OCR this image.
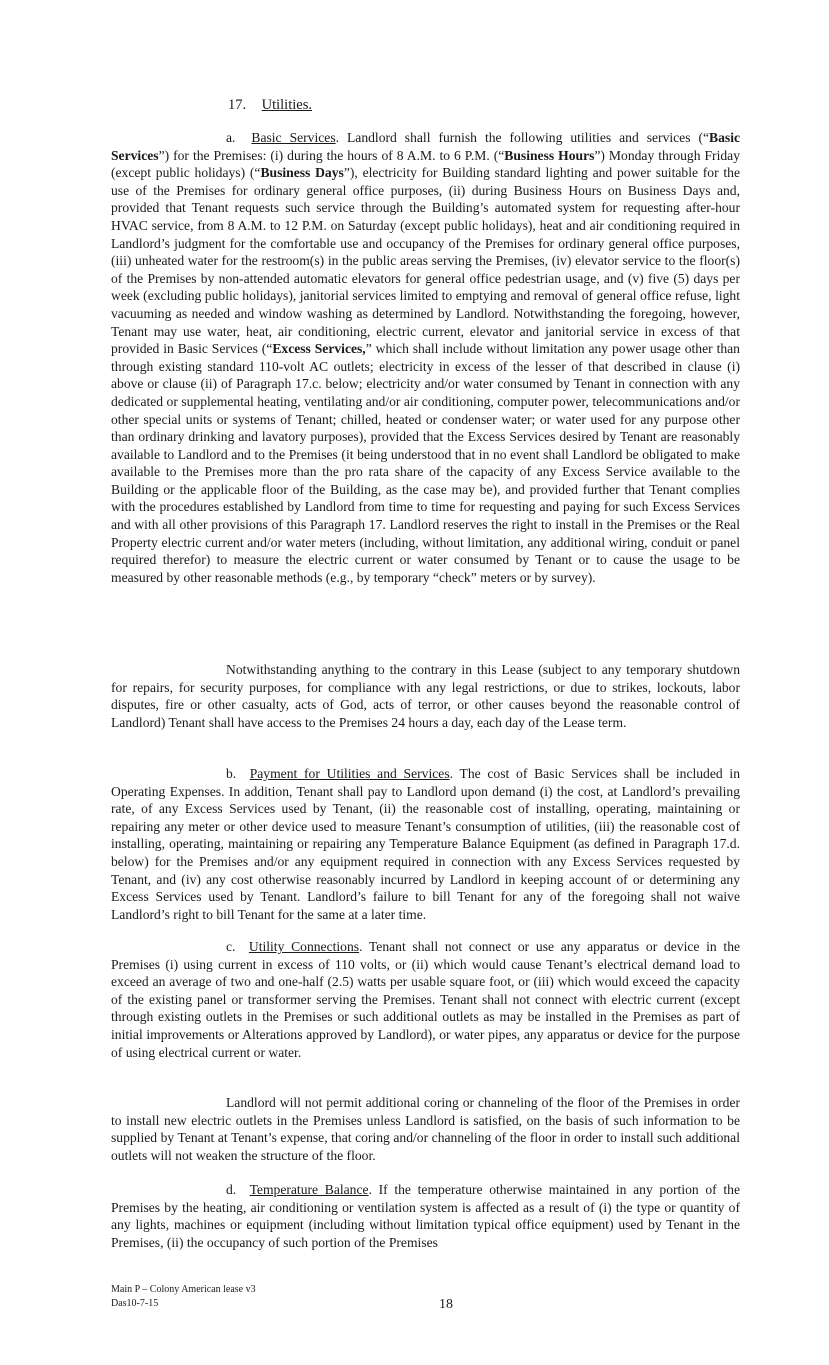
17. Utilities.

a. Basic Services. Landlord shall furnish the following utilities and services (“Basic Services”) for the Premises: (i) during the hours of 8 A.M. to 6 P.M. (“Business Hours”) Monday through Friday (except public holidays) (“Business Days”), electricity for Building standard lighting and power suitable for the use of the Premises for ordinary general office purposes, (ii) during Business Hours on Business Days and, provided that Tenant requests such service through the Building’s automated system for requesting after-hour HVAC service, from 8 A.M. to 12 P.M. on Saturday (except public holidays), heat and air conditioning required in Landlord’s judgment for the comfortable use and occupancy of the Premises for ordinary general office purposes, (iii) unheated water for the restroom(s) in the public areas serving the Premises, (iv) elevator service to the floor(s) of the Premises by non-attended automatic elevators for general office pedestrian usage, and (v) five (5) days per week (excluding public holidays), janitorial services limited to emptying and removal of general office refuse, light vacuuming as needed and window washing as determined by Landlord. Notwithstanding the foregoing, however, Tenant may use water, heat, air conditioning, electric current, elevator and janitorial service in excess of that provided in Basic Services (“Excess Services,” which shall include without limitation any power usage other than through existing standard 110-volt AC outlets; electricity in excess of the lesser of that described in clause (i) above or clause (ii) of Paragraph 17.c. below; electricity and/or water consumed by Tenant in connection with any dedicated or supplemental heating, ventilating and/or air conditioning, computer power, telecommunications and/or other special units or systems of Tenant; chilled, heated or condenser water; or water used for any purpose other than ordinary drinking and lavatory purposes), provided that the Excess Services desired by Tenant are reasonably available to Landlord and to the Premises (it being understood that in no event shall Landlord be obligated to make available to the Premises more than the pro rata share of the capacity of any Excess Service available to the Building or the applicable floor of the Building, as the case may be), and provided further that Tenant complies with the procedures established by Landlord from time to time for requesting and paying for such Excess Services and with all other provisions of this Paragraph 17. Landlord reserves the right to install in the Premises or the Real Property electric current and/or water meters (including, without limitation, any additional wiring, conduit or panel required therefor) to measure the electric current or water consumed by Tenant or to cause the usage to be measured by other reasonable methods (e.g., by temporary “check” meters or by survey).

Notwithstanding anything to the contrary in this Lease (subject to any temporary shutdown for repairs, for security purposes, for compliance with any legal restrictions, or due to strikes, lockouts, labor disputes, fire or other casualty, acts of God, acts of terror, or other causes beyond the reasonable control of Landlord) Tenant shall have access to the Premises 24 hours a day, each day of the Lease term.

b. Payment for Utilities and Services. The cost of Basic Services shall be included in Operating Expenses. In addition, Tenant shall pay to Landlord upon demand (i) the cost, at Landlord’s prevailing rate, of any Excess Services used by Tenant, (ii) the reasonable cost of installing, operating, maintaining or repairing any meter or other device used to measure Tenant’s consumption of utilities, (iii) the reasonable cost of installing, operating, maintaining or repairing any Temperature Balance Equipment (as defined in Paragraph 17.d. below) for the Premises and/or any equipment required in connection with any Excess Services requested by Tenant, and (iv) any cost otherwise reasonably incurred by Landlord in keeping account of or determining any Excess Services used by Tenant. Landlord’s failure to bill Tenant for any of the foregoing shall not waive Landlord’s right to bill Tenant for the same at a later time.

c. Utility Connections. Tenant shall not connect or use any apparatus or device in the Premises (i) using current in excess of 110 volts, or (ii) which would cause Tenant’s electrical demand load to exceed an average of two and one-half (2.5) watts per usable square foot, or (iii) which would exceed the capacity of the existing panel or transformer serving the Premises. Tenant shall not connect with electric current (except through existing outlets in the Premises or such additional outlets as may be installed in the Premises as part of initial improvements or Alterations approved by Landlord), or water pipes, any apparatus or device for the purpose of using electrical current or water.

Landlord will not permit additional coring or channeling of the floor of the Premises in order to install new electric outlets in the Premises unless Landlord is satisfied, on the basis of such information to be supplied by Tenant at Tenant’s expense, that coring and/or channeling of the floor in order to install such additional outlets will not weaken the structure of the floor.

d. Temperature Balance. If the temperature otherwise maintained in any portion of the Premises by the heating, air conditioning or ventilation system is affected as a result of (i) the type or quantity of any lights, machines or equipment (including without limitation typical office equipment) used by Tenant in the Premises, (ii) the occupancy of such portion of the Premises

Main P – Colony American lease v3
Das10-7-15	18
